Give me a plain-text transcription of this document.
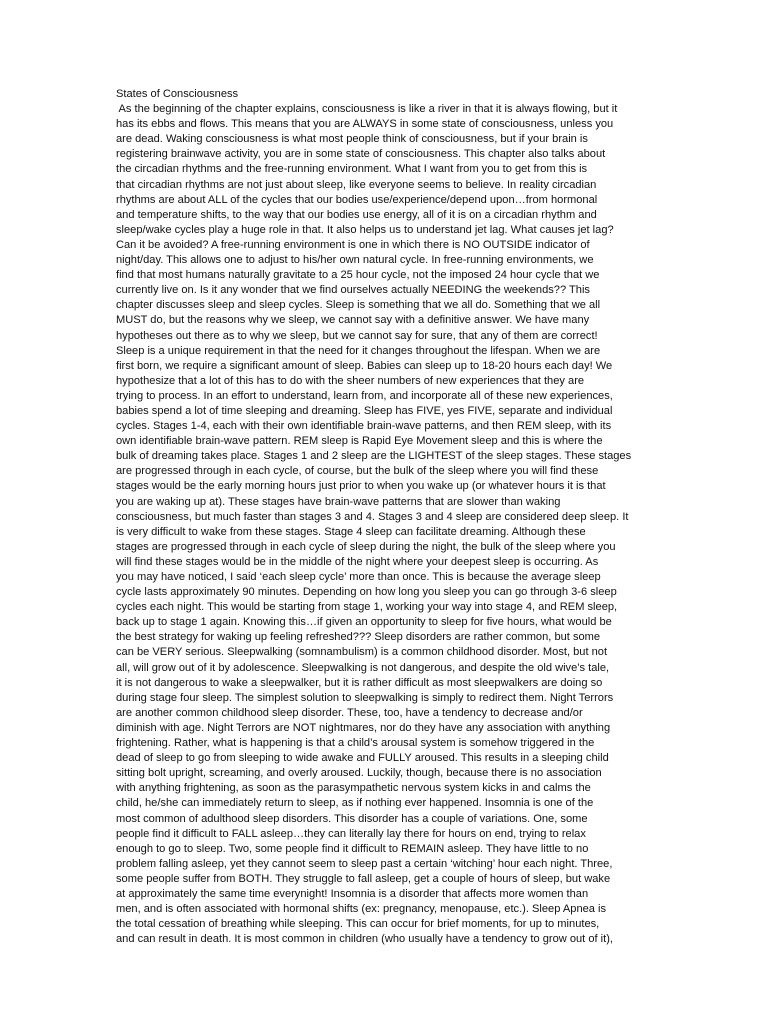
States of Consciousness
As the beginning of the chapter explains, consciousness is like a river in that it is always flowing, but it
has its ebbs and flows. This means that you are ALWAYS in some state of consciousness, unless you
are dead. Waking consciousness is what most people think of consciousness, but if your brain is
registering brainwave activity, you are in some state of consciousness. This chapter also talks about
the circadian rhythms and the free-running environment. What I want from you to get from this is
that circadian rhythms are not just about sleep, like everyone seems to believe. In reality circadian
rhythms are about ALL of the cycles that our bodies use/experience/depend upon…from hormonal
and temperature shifts, to the way that our bodies use energy, all of it is on a circadian rhythm and
sleep/wake cycles play a huge role in that. It also helps us to understand jet lag. What causes jet lag?
Can it be avoided? A free-running environment is one in which there is NO OUTSIDE indicator of
night/day. This allows one to adjust to his/her own natural cycle. In free-running environments, we
find that most humans naturally gravitate to a 25 hour cycle, not the imposed 24 hour cycle that we
currently live on. Is it any wonder that we find ourselves actually NEEDING the weekends?? This
chapter discusses sleep and sleep cycles. Sleep is something that we all do. Something that we all
MUST do, but the reasons why we sleep, we cannot say with a definitive answer. We have many
hypotheses out there as to why we sleep, but we cannot say for sure, that any of them are correct!
Sleep is a unique requirement in that the need for it changes throughout the lifespan. When we are
first born, we require a significant amount of sleep. Babies can sleep up to 18-20 hours each day! We
hypothesize that a lot of this has to do with the sheer numbers of new experiences that they are
trying to process. In an effort to understand, learn from, and incorporate all of these new experiences,
babies spend a lot of time sleeping and dreaming. Sleep has FIVE, yes FIVE, separate and individual
cycles. Stages 1-4, each with their own identifiable brain-wave patterns, and then REM sleep, with its
own identifiable brain-wave pattern. REM sleep is Rapid Eye Movement sleep and this is where the
bulk of dreaming takes place. Stages 1 and 2 sleep are the LIGHTEST of the sleep stages. These stages
are progressed through in each cycle, of course, but the bulk of the sleep where you will find these
stages would be the early morning hours just prior to when you wake up (or whatever hours it is that
you are waking up at). These stages have brain-wave patterns that are slower than waking
consciousness, but much faster than stages 3 and 4. Stages 3 and 4 sleep are considered deep sleep. It
is very difficult to wake from these stages. Stage 4 sleep can facilitate dreaming. Although these
stages are progressed through in each cycle of sleep during the night, the bulk of the sleep where you
will find these stages would be in the middle of the night where your deepest sleep is occurring. As
you may have noticed, I said ‘each sleep cycle’ more than once. This is because the average sleep
cycle lasts approximately 90 minutes. Depending on how long you sleep you can go through 3-6 sleep
cycles each night. This would be starting from stage 1, working your way into stage 4, and REM sleep,
back up to stage 1 again. Knowing this…if given an opportunity to sleep for five hours, what would be
the best strategy for waking up feeling refreshed??? Sleep disorders are rather common, but some
can be VERY serious. Sleepwalking (somnambulism) is a common childhood disorder. Most, but not
all, will grow out of it by adolescence. Sleepwalking is not dangerous, and despite the old wive’s tale,
it is not dangerous to wake a sleepwalker, but it is rather difficult as most sleepwalkers are doing so
during stage four sleep. The simplest solution to sleepwalking is simply to redirect them. Night Terrors
are another common childhood sleep disorder. These, too, have a tendency to decrease and/or
diminish with age. Night Terrors are NOT nightmares, nor do they have any association with anything
frightening. Rather, what is happening is that a child’s arousal system is somehow triggered in the
dead of sleep to go from sleeping to wide awake and FULLY aroused. This results in a sleeping child
sitting bolt upright, screaming, and overly aroused. Luckily, though, because there is no association
with anything frightening, as soon as the parasympathetic nervous system kicks in and calms the
child, he/she can immediately return to sleep, as if nothing ever happened. Insomnia is one of the
most common of adulthood sleep disorders. This disorder has a couple of variations. One, some
people find it difficult to FALL asleep…they can literally lay there for hours on end, trying to relax
enough to go to sleep. Two, some people find it difficult to REMAIN asleep. They have little to no
problem falling asleep, yet they cannot seem to sleep past a certain ‘witching’ hour each night. Three,
some people suffer from BOTH. They struggle to fall asleep, get a couple of hours of sleep, but wake
at approximately the same time everynight! Insomnia is a disorder that affects more women than
men, and is often associated with hormonal shifts (ex: pregnancy, menopause, etc.). Sleep Apnea is
the total cessation of breathing while sleeping. This can occur for brief moments, for up to minutes,
and can result in death. It is most common in children (who usually have a tendency to grow out of it),
